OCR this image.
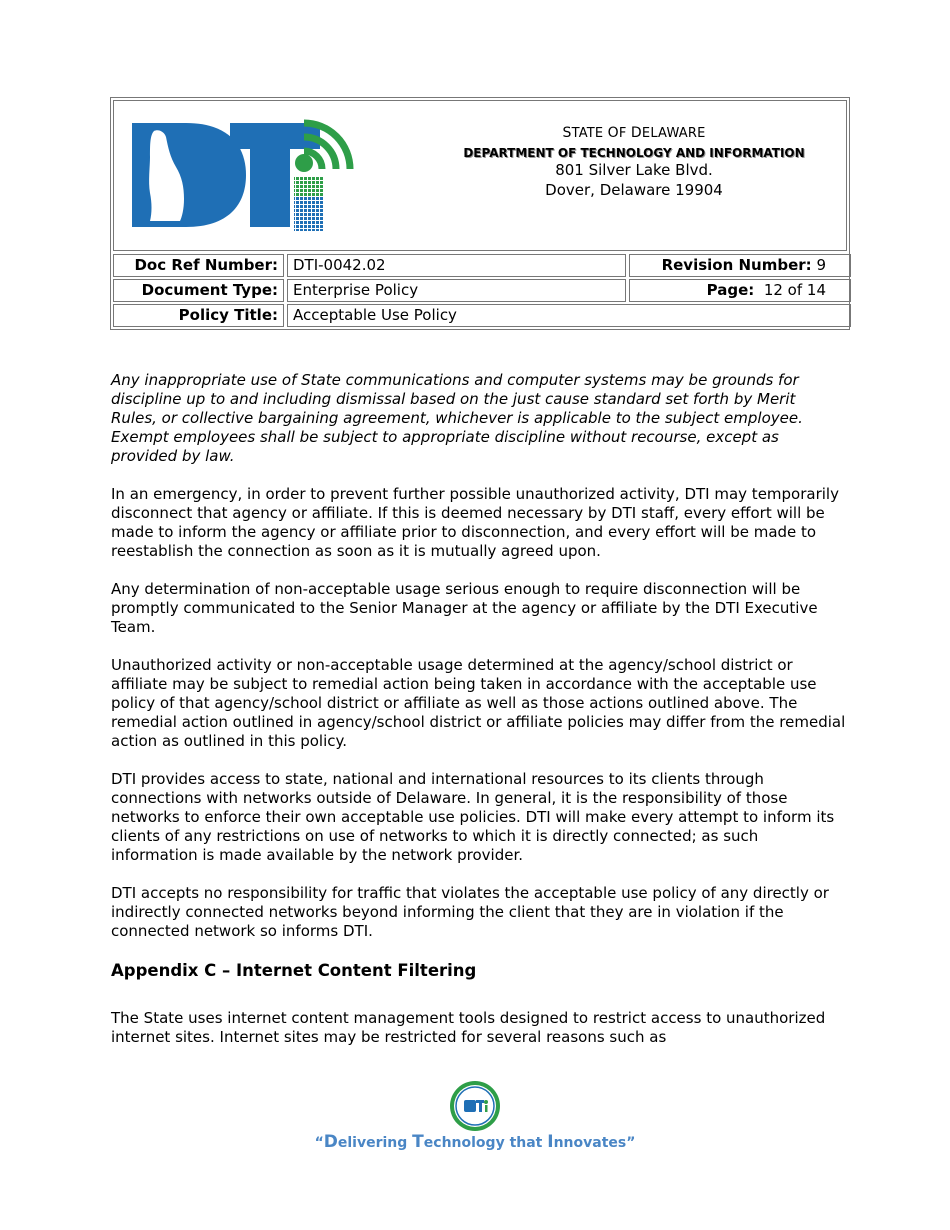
STATE OF DELAWARE
DEPARTMENT OF TECHNOLOGY AND INFORMATION
801 Silver Lake Blvd.
Dover, Delaware 19904
Doc Ref Number:	DTI-0042.02	Revision Number: 9
Document Type:	Enterprise Policy	Page: 12 of 14
Policy Title:	Acceptable Use Policy

Any inappropriate use of State communications and computer systems may be grounds for discipline up to and including dismissal based on the just cause standard set forth by Merit Rules, or collective bargaining agreement, whichever is applicable to the subject employee. Exempt employees shall be subject to appropriate discipline without recourse, except as provided by law.

In an emergency, in order to prevent further possible unauthorized activity, DTI may temporarily disconnect that agency or affiliate. If this is deemed necessary by DTI staff, every effort will be made to inform the agency or affiliate prior to disconnection, and every effort will be made to reestablish the connection as soon as it is mutually agreed upon.

Any determination of non-acceptable usage serious enough to require disconnection will be promptly communicated to the Senior Manager at the agency or affiliate by the DTI Executive Team.

Unauthorized activity or non-acceptable usage determined at the agency/school district or affiliate may be subject to remedial action being taken in accordance with the acceptable use policy of that agency/school district or affiliate as well as those actions outlined above. The remedial action outlined in agency/school district or affiliate policies may differ from the remedial action as outlined in this policy.

DTI provides access to state, national and international resources to its clients through connections with networks outside of Delaware. In general, it is the responsibility of those networks to enforce their own acceptable use policies. DTI will make every attempt to inform its clients of any restrictions on use of networks to which it is directly connected; as such information is made available by the network provider.

DTI accepts no responsibility for traffic that violates the acceptable use policy of any directly or indirectly connected networks beyond informing the client that they are in violation if the connected network so informs DTI.

Appendix C – Internet Content Filtering

The State uses internet content management tools designed to restrict access to unauthorized internet sites. Internet sites may be restricted for several reasons such as

“Delivering Technology that Innovates”
